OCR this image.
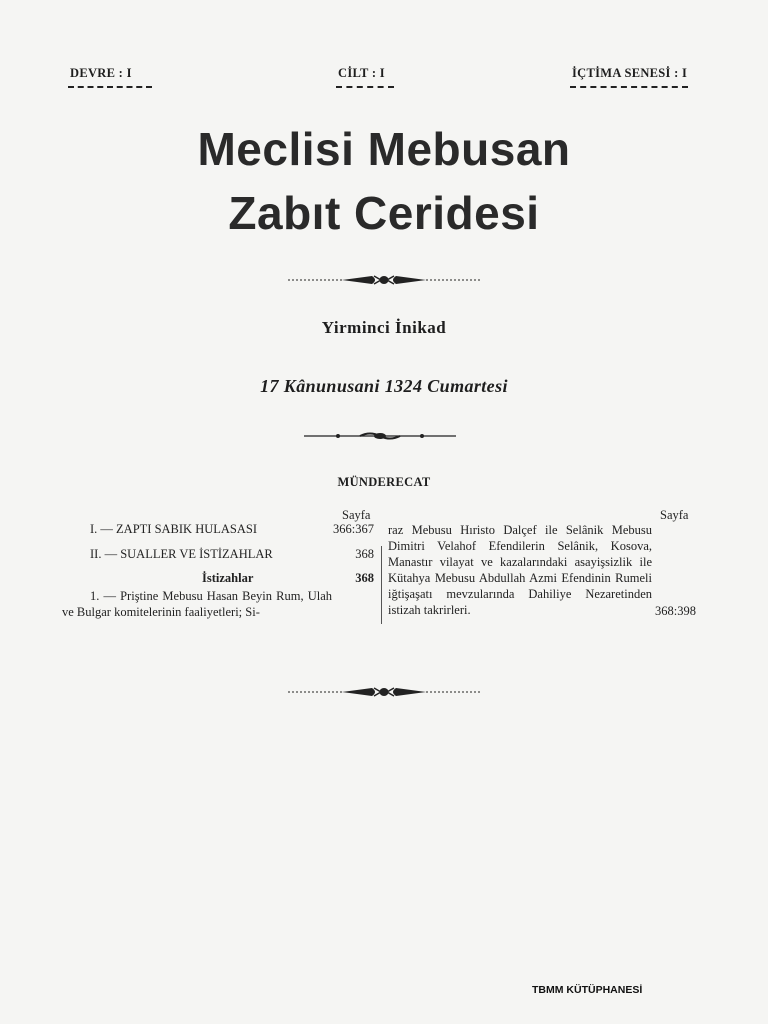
DEVRE : I	CİLT : I	İÇTİMA SENESİ : I
Meclisi Mebusan
Zabıt Ceridesi
Yirminci İnikad
17 Kânunusani 1324 Cumartesi
MÜNDERECAT
Sayfa
I. — ZAPTI SABIK HULASASI	366:367
II. — SUALLER VE İSTİZAHLAR	368
İstizahlar	368
1. — Priştine Mebusu Hasan Beyin Rum, Ulah ve Bulgar komitelerinin faaliyetleri; Si-
Sayfa
raz Mebusu Hıristo Dalçef ile Selânik Mebusu Dimitri Velahof Efendilerin Selânik, Kosova, Manastır vilayat ve kazalarındaki asayişsizlik ile Kütahya Mebusu Abdullah Azmi Efendinin Rumeli iğtişaşatı mevzularında Dahiliye Nezaretinden istizah takrirleri.	368:398
TBMM KÜTÜPHANESİ
